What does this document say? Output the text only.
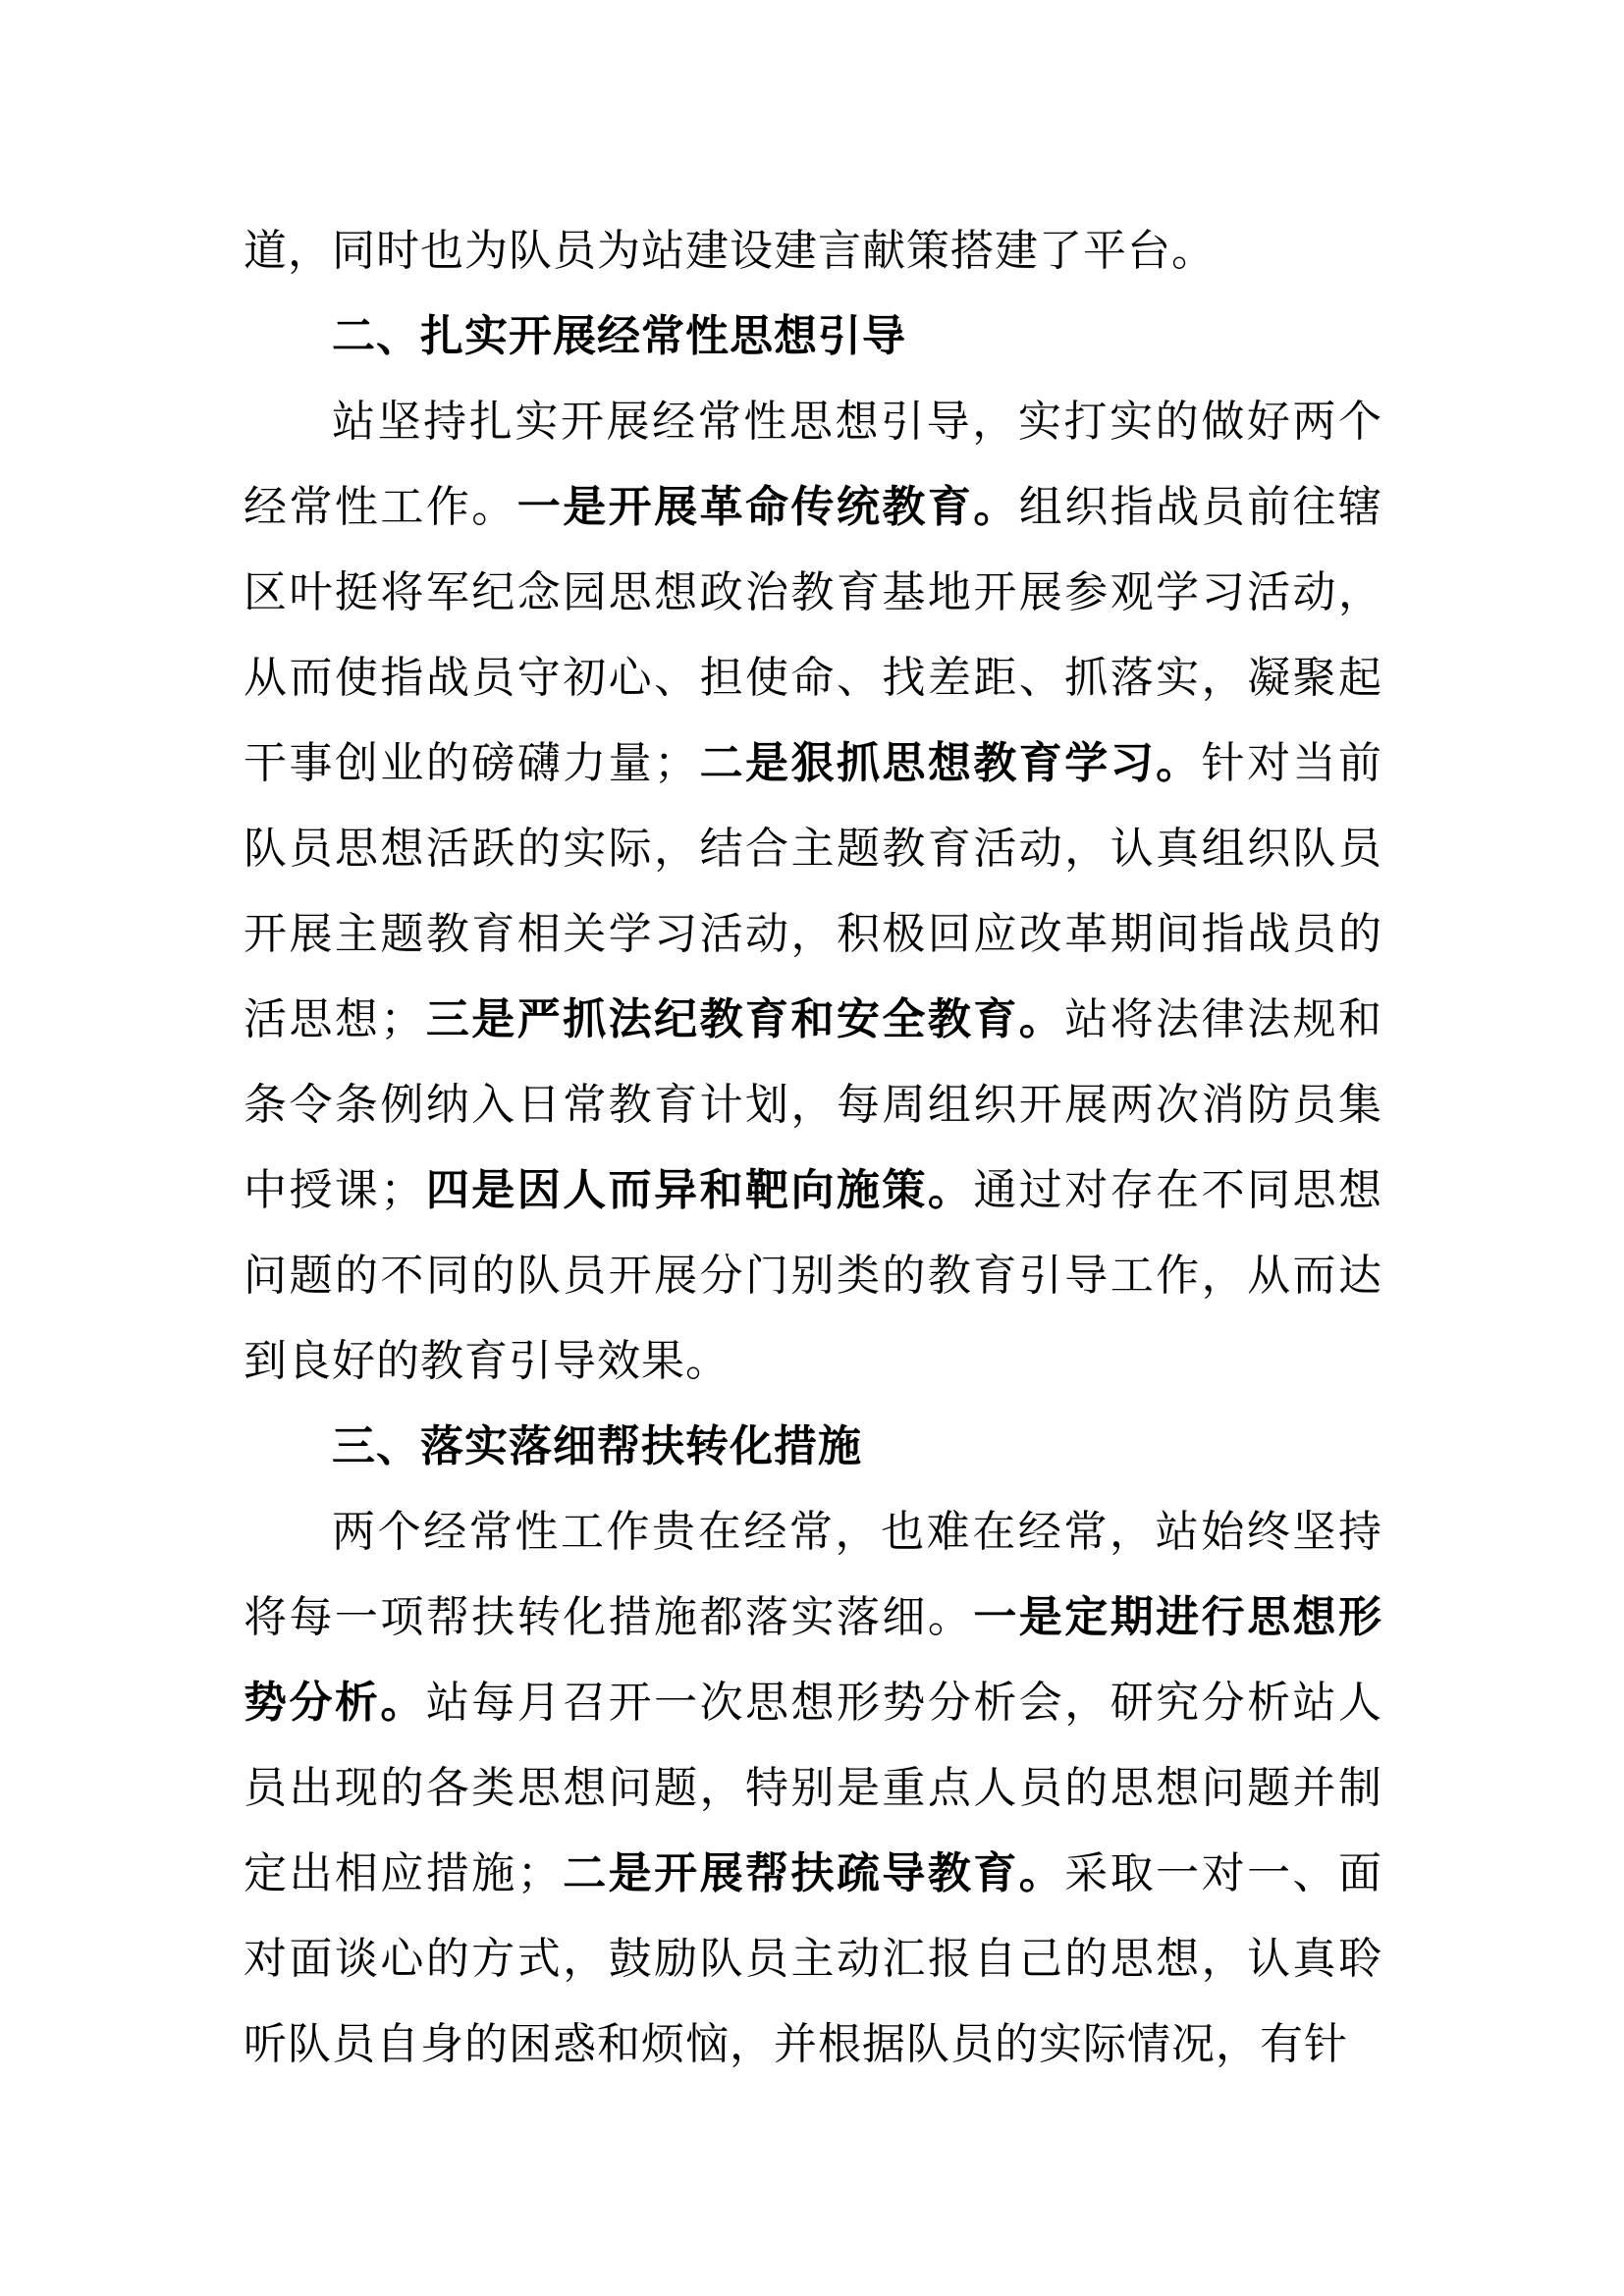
道，同时也为队员为站建设建言献策搭建了平台。

二、扎实开展经常性思想引导

站坚持扎实开展经常性思想引导，实打实的做好两个经常性工作。一是开展革命传统教育。组织指战员前往辖区叶挺将军纪念园思想政治教育基地开展参观学习活动，从而使指战员守初心、担使命、找差距、抓落实，凝聚起干事创业的磅礴力量；二是狠抓思想教育学习。针对当前队员思想活跃的实际，结合主题教育活动，认真组织队员开展主题教育相关学习活动，积极回应改革期间指战员的活思想；三是严抓法纪教育和安全教育。站将法律法规和条令条例纳入日常教育计划，每周组织开展两次消防员集中授课；四是因人而异和靶向施策。通过对存在不同思想问题的不同的队员开展分门别类的教育引导工作，从而达到良好的教育引导效果。

三、落实落细帮扶转化措施

两个经常性工作贵在经常，也难在经常，站始终坚持将每一项帮扶转化措施都落实落细。一是定期进行思想形势分析。站每月召开一次思想形势分析会，研究分析站人员出现的各类思想问题，特别是重点人员的思想问题并制定出相应措施；二是开展帮扶疏导教育。采取一对一、面对面谈心的方式，鼓励队员主动汇报自己的思想，认真聆听队员自身的困惑和烦恼，并根据队员的实际情况，有针
